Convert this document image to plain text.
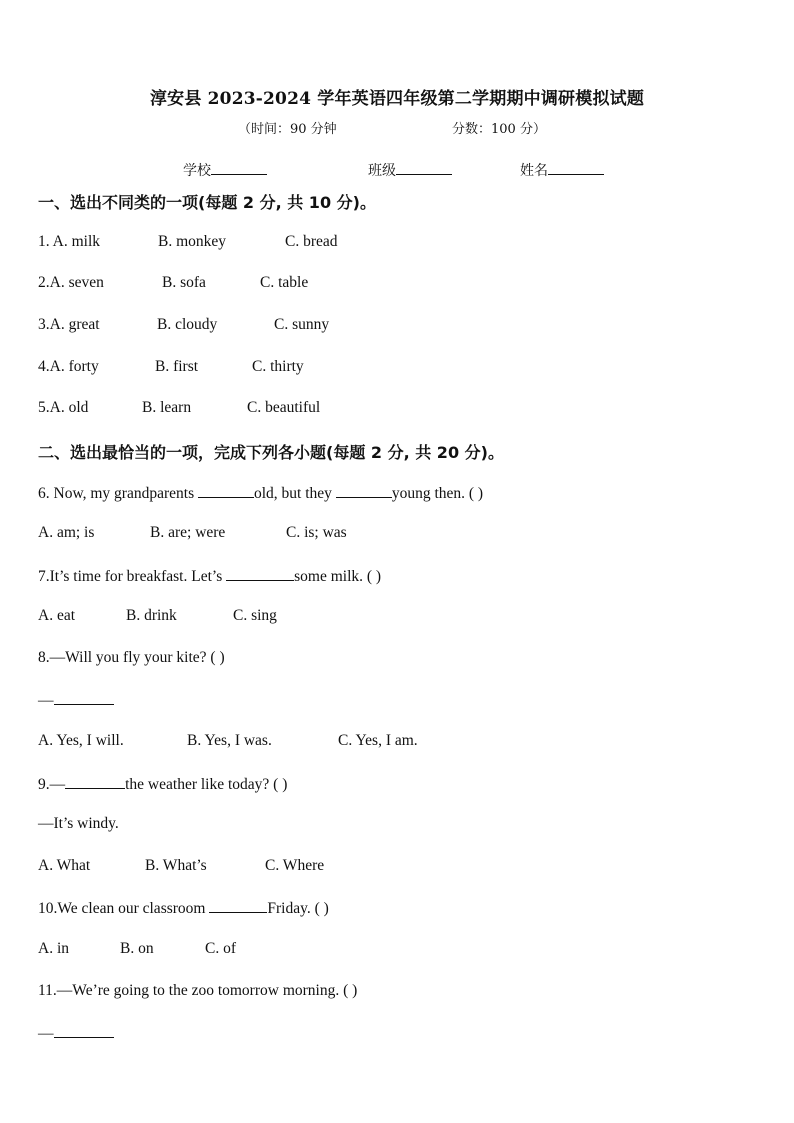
淳安县 2023-2024 学年英语四年级第二学期期中调研模拟试题
（时间：90 分钟	分数：100 分）
学校	班级	姓名
一、选出不同类的一项(每题 2 分, 共 10 分)。
1. A. milk	B. monkey	C. bread
2.A. seven	B. sofa	C. table
3.A. great	B. cloudy	C. sunny
4.A. forty	B. first	C. thirty
5.A. old	B. learn	C. beautiful
二、选出最恰当的一项，完成下列各小题(每题 2 分, 共 20 分)。
6. Now, my grandparents	old, but they	young then. ( )
A. am; is	B. are; were	C. is; was
7.It’s time for breakfast. Let’s	some milk. ( )
A. eat	B. drink	C. sing
8.—Will you fly your kite? ( )
—
A. Yes, I will.	B. Yes, I was.	C. Yes, I am.
9.—	the weather like today? ( )
—It’s windy.
A. What	B. What’s	C. Where
10.We clean our classroom	Friday. ( )
A. in	B. on	C. of
11.—We’re going to the zoo tomorrow morning. ( )
—
